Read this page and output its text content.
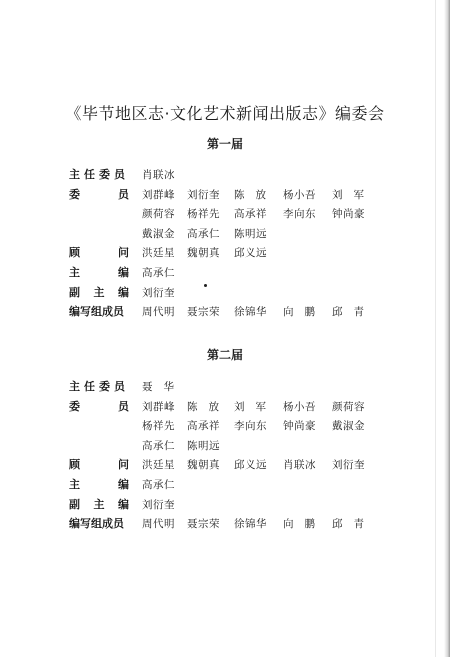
《毕节地区志·文化艺术新闻出版志》编委会
第一届
主任委员 肖联冰
委	员 刘群峰 刘衍奎 陈放 杨小吾 刘军
颜荷容 杨祥先 高承祥 李向东 钟尚豪
戴淑金 高承仁 陈明远
顾	问 洪廷星 魏朝真 邱义远
主	编 高承仁
副 主 编 刘衍奎
编写组成员 周代明 聂宗荣 徐锦华 向鹏 邱青
第二届
主任委员 聂华
委	员 刘群峰 陈放 刘军 杨小吾 颜荷容
杨祥先 高承祥 李向东 钟尚豪 戴淑金
高承仁 陈明远
顾	问 洪廷星 魏朝真 邱义远 肖联冰 刘衍奎
主	编 高承仁
副 主 编 刘衍奎
编写组成员 周代明 聂宗荣 徐锦华 向鹏 邱青
